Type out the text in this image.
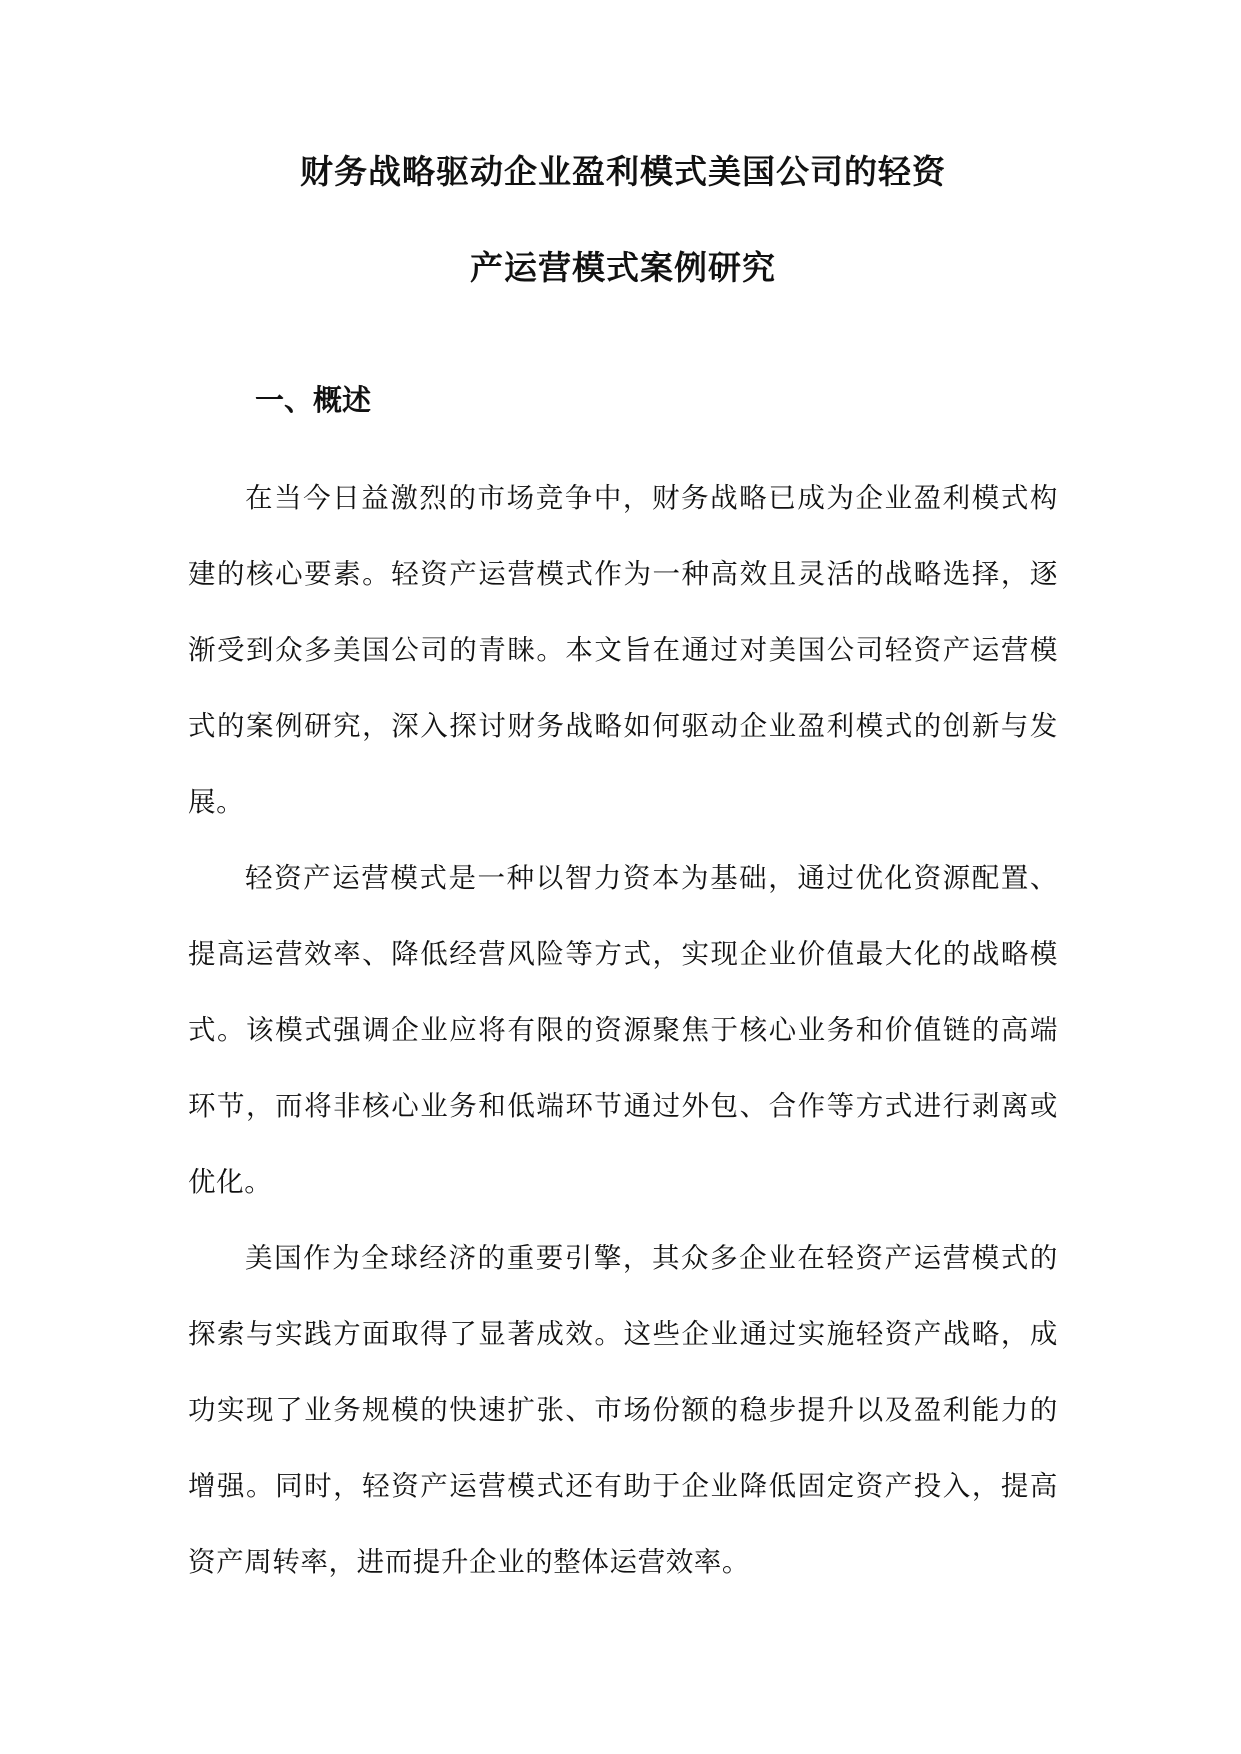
财务战略驱动企业盈利模式美国公司的轻资

产运营模式案例研究

一、概述

在当今日益激烈的市场竞争中，财务战略已成为企业盈利模式构建的核心要素。轻资产运营模式作为一种高效且灵活的战略选择，逐渐受到众多美国公司的青睐。本文旨在通过对美国公司轻资产运营模式的案例研究，深入探讨财务战略如何驱动企业盈利模式的创新与发展。

轻资产运营模式是一种以智力资本为基础，通过优化资源配置、提高运营效率、降低经营风险等方式，实现企业价值最大化的战略模式。该模式强调企业应将有限的资源聚焦于核心业务和价值链的高端环节，而将非核心业务和低端环节通过外包、合作等方式进行剥离或优化。

美国作为全球经济的重要引擎，其众多企业在轻资产运营模式的探索与实践方面取得了显著成效。这些企业通过实施轻资产战略，成功实现了业务规模的快速扩张、市场份额的稳步提升以及盈利能力的增强。同时，轻资产运营模式还有助于企业降低固定资产投入，提高资产周转率，进而提升企业的整体运营效率。
